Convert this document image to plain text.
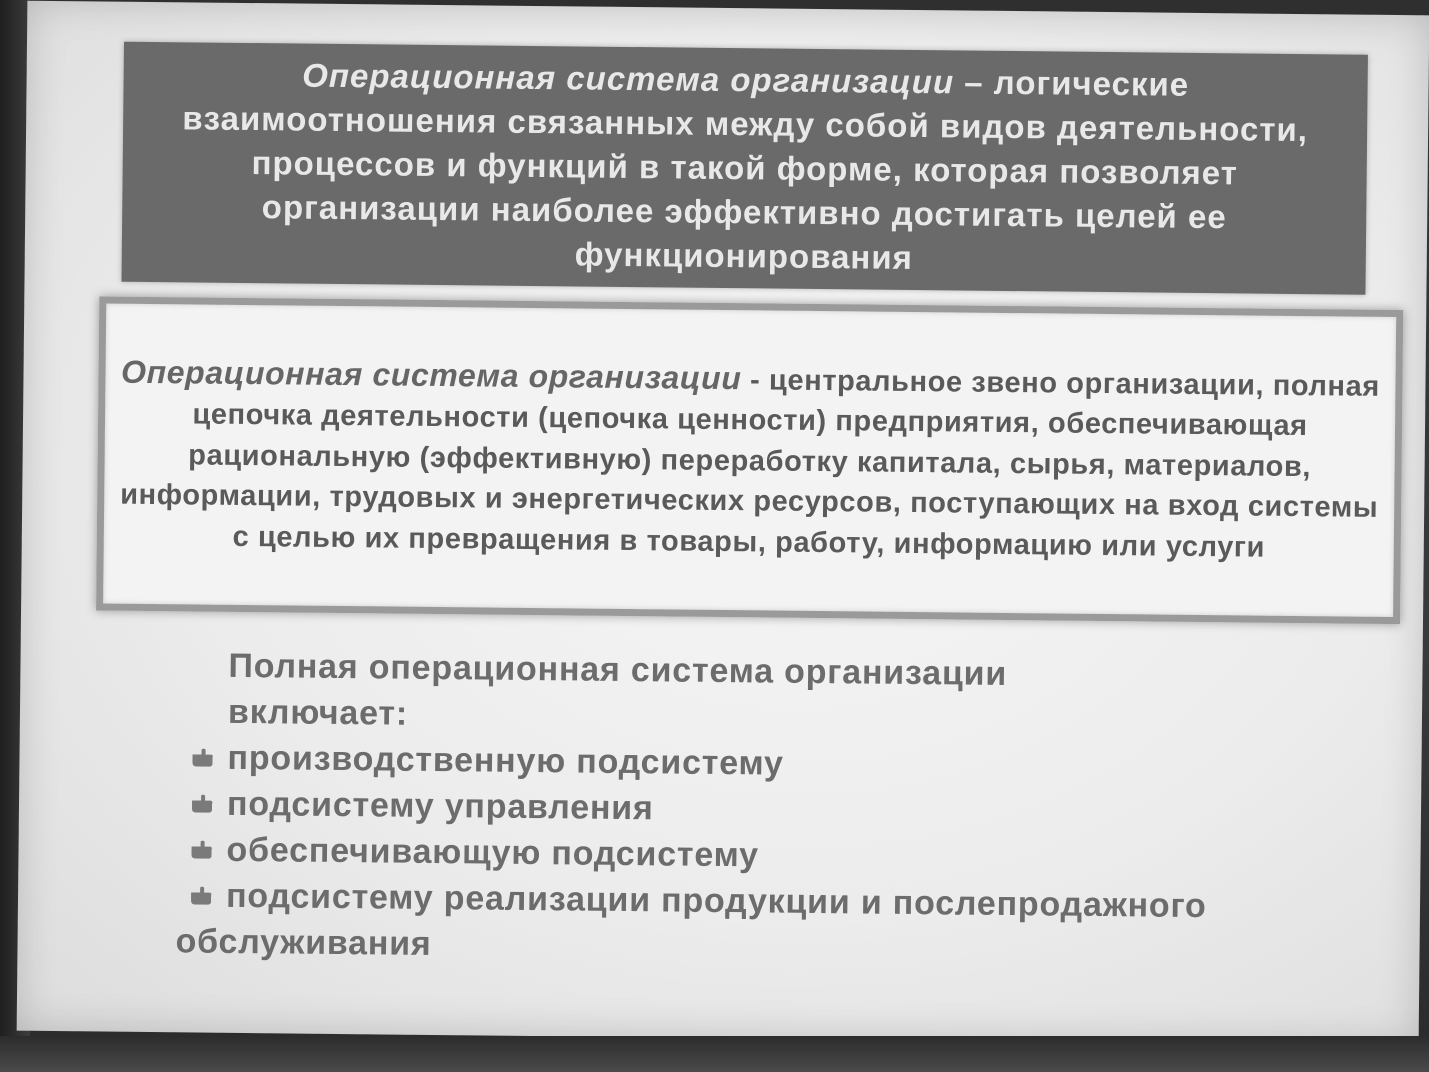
Операционная система организации – логические взаимоотношения связанных между собой видов деятельности, процессов и функций в такой форме, которая позволяет организации наиболее эффективно достигать целей ее функционирования

Операционная система организации - центральное звено организации, полная цепочка деятельности (цепочка ценности) предприятия, обеспечивающая рациональную (эффективную) переработку капитала, сырья, материалов, информации, трудовых и энергетических ресурсов, поступающих на вход системы с целью их превращения в товары, работу, информацию или услуги

Полная операционная система организации
включает:

производственную подсистему
подсистему управления
обеспечивающую подсистему
подсистему реализации продукции и послепродажного
обслуживания
